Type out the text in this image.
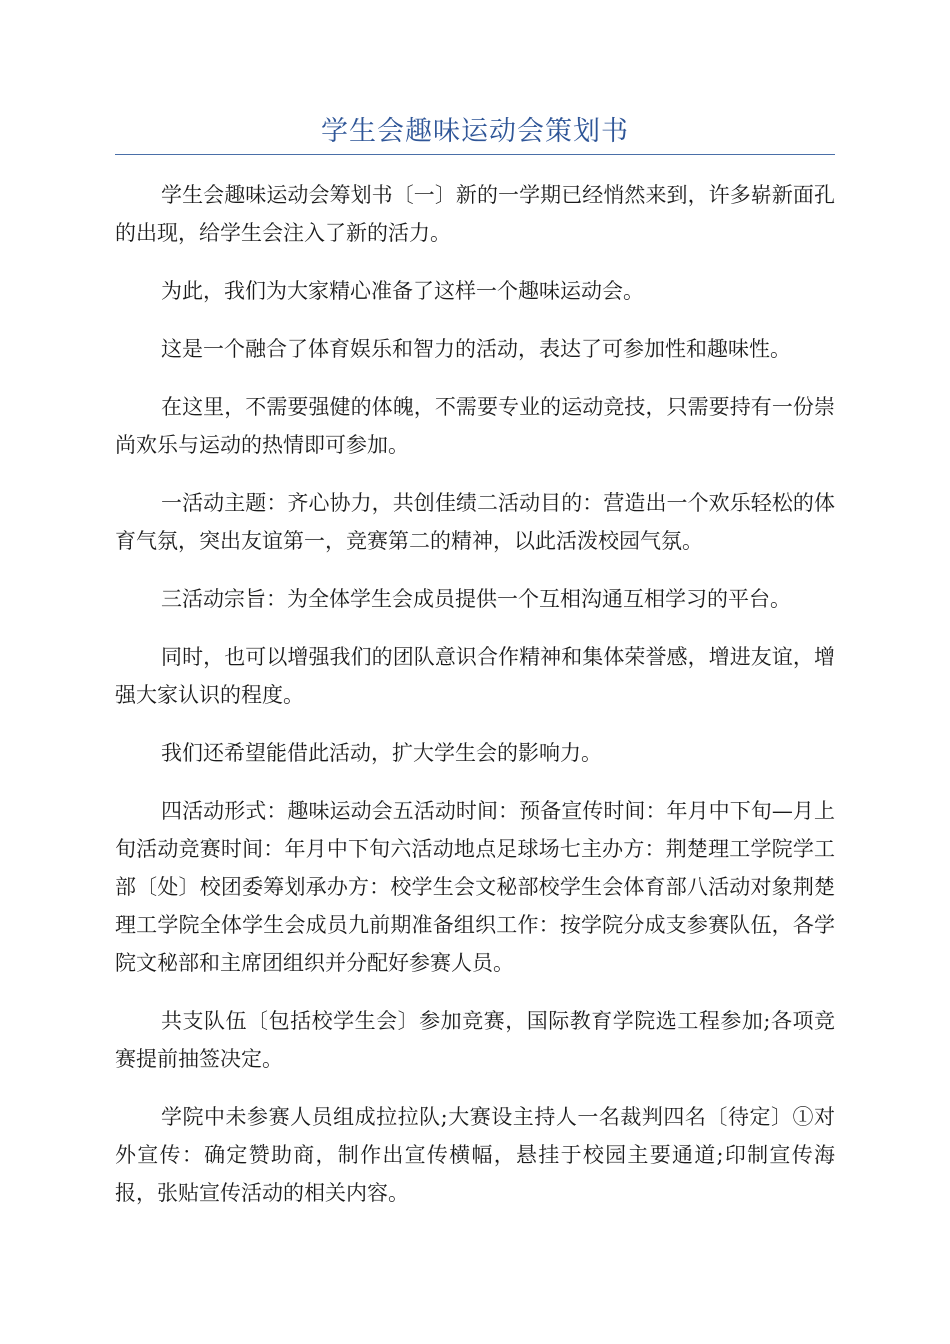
学生会趣味运动会策划书

学生会趣味运动会筹划书〔一〕新的一学期已经悄然来到，许多崭新面孔的出现，给学生会注入了新的活力。

为此，我们为大家精心准备了这样一个趣味运动会。

这是一个融合了体育娱乐和智力的活动，表达了可参加性和趣味性。

在这里，不需要强健的体魄，不需要专业的运动竞技，只需要持有一份崇尚欢乐与运动的热情即可参加。

一活动主题：齐心协力，共创佳绩二活动目的：营造出一个欢乐轻松的体育气氛，突出友谊第一，竞赛第二的精神，以此活泼校园气氛。

三活动宗旨：为全体学生会成员提供一个互相沟通互相学习的平台。

同时，也可以增强我们的团队意识合作精神和集体荣誉感，增进友谊，增强大家认识的程度。

我们还希望能借此活动，扩大学生会的影响力。

四活动形式：趣味运动会五活动时间：预备宣传时间：年月中下旬—月上旬活动竞赛时间：年月中下旬六活动地点足球场七主办方：荆楚理工学院学工部〔处〕校团委筹划承办方：校学生会文秘部校学生会体育部八活动对象荆楚理工学院全体学生会成员九前期准备组织工作：按学院分成支参赛队伍，各学院文秘部和主席团组织并分配好参赛人员。

共支队伍〔包括校学生会〕参加竞赛，国际教育学院选工程参加;各项竞赛提前抽签决定。

学院中未参赛人员组成拉拉队;大赛设主持人一名裁判四名〔待定〕①对外宣传：确定赞助商，制作出宣传横幅，悬挂于校园主要通道;印制宣传海报，张贴宣传活动的相关内容。
